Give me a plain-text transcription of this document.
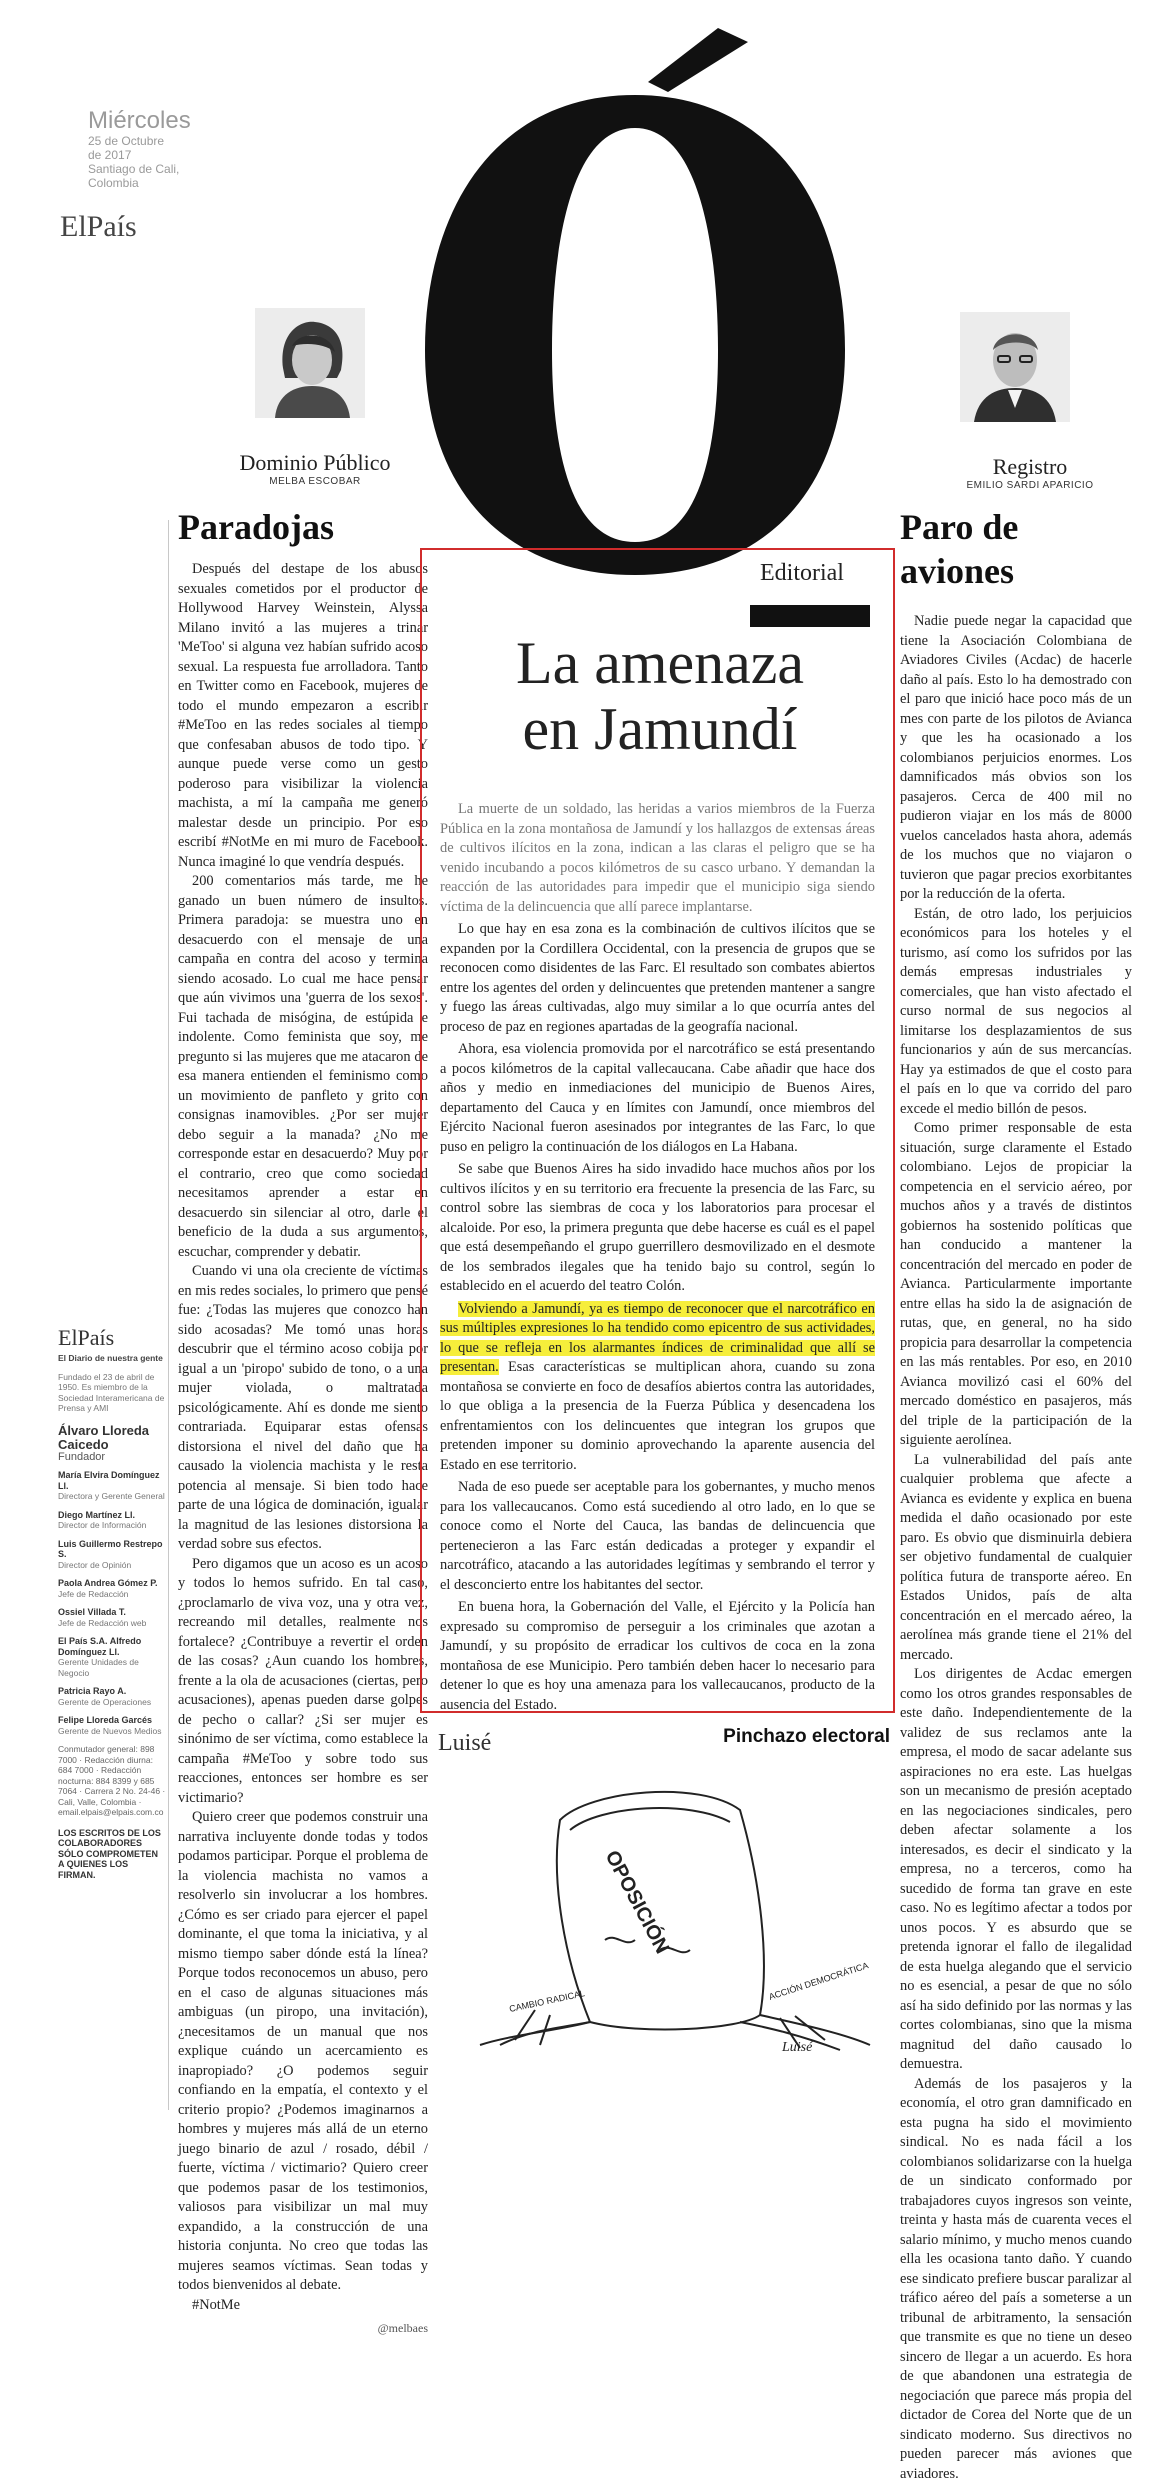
Miércoles
25 de Octubre
de 2017
Santiago de Cali,
Colombia
ElPaís
Dominio Público
MELBA ESCOBAR
Registro
EMILIO SARDI APARICIO
Paradojas

Después del destape de los abusos sexuales cometidos por el productor de Hollywood Harvey Weinstein, Alyssa Milano invitó a las mujeres a trinar 'MeToo' si alguna vez habían sufrido acoso sexual. La respuesta fue arrolladora. Tanto en Twitter como en Facebook, mujeres de todo el mundo empezaron a escribir #MeToo en las redes sociales al tiempo que confesaban abusos de todo tipo. Y aunque puede verse como un gesto poderoso para visibilizar la violencia machista, a mí la campaña me generó malestar desde un principio. Por eso escribí #NotMe en mi muro de Facebook. Nunca imaginé lo que vendría después.

200 comentarios más tarde, me he ganado un buen número de insultos. Primera paradoja: se muestra uno en desacuerdo con el mensaje de una campaña en contra del acoso y termina siendo acosado. Lo cual me hace pensar que aún vivimos una 'guerra de los sexos'. Fui tachada de misógina, de estúpida e indolente. Como feminista que soy, me pregunto si las mujeres que me atacaron de esa manera entienden el feminismo como un movimiento de panfleto y grito con consignas inamovibles. ¿Por ser mujer debo seguir a la manada? ¿No me corresponde estar en desacuerdo? Muy por el contrario, creo que como sociedad necesitamos aprender a estar en desacuerdo sin silenciar al otro, darle el beneficio de la duda a sus argumentos, escuchar, comprender y debatir.

Cuando vi una ola creciente de víctimas en mis redes sociales, lo primero que pensé fue: ¿Todas las mujeres que conozco han sido acosadas? Me tomó unas horas descubrir que el término acoso cobija por igual a un 'piropo' subido de tono, o a una mujer violada, o maltratada psicológicamente. Ahí es donde me siento contrariada. Equiparar estas ofensas distorsiona el nivel del daño que ha causado la violencia machista y le resta potencia al mensaje. Si bien todo hace parte de una lógica de dominación, igualar la magnitud de las lesiones distorsiona la verdad sobre sus efectos.

Pero digamos que un acoso es un acoso y todos lo hemos sufrido. En tal caso, ¿proclamarlo de viva voz, una y otra vez, recreando mil detalles, realmente nos fortalece? ¿Contribuye a revertir el orden de las cosas? ¿Aun cuando los hombres, frente a la ola de acusaciones (ciertas, pero acusaciones), apenas pueden darse golpes de pecho o callar? ¿Si ser mujer es sinónimo de ser víctima, como establece la campaña #MeToo y sobre todo sus reacciones, entonces ser hombre es ser victimario?

Quiero creer que podemos construir una narrativa incluyente donde todas y todos podamos participar. Porque el problema de la violencia machista no vamos a resolverlo sin involucrar a los hombres. ¿Cómo es ser criado para ejercer el papel dominante, el que toma la iniciativa, y al mismo tiempo saber dónde está la línea? Porque todos reconocemos un abuso, pero en el caso de algunas situaciones más ambiguas (un piropo, una invitación), ¿necesitamos de un manual que nos explique cuándo un acercamiento es inapropiado? ¿O podemos seguir confiando en la empatía, el contexto y el criterio propio? ¿Podemos imaginarnos a hombres y mujeres más allá de un eterno juego binario de azul / rosado, débil / fuerte, víctima / victimario? Quiero creer que podemos pasar de los testimonios, valiosos para visibilizar un mal muy expandido, a la construcción de una historia conjunta. No creo que todas las mujeres seamos víctimas. Sean todas y todos bienvenidos al debate.

#NotMe

@melbaes

ElPaís
El Diario de nuestra gente
Fundado el 23 de abril de 1950. Es miembro de la Sociedad Interamericana de Prensa y AMI
Álvaro Lloreda Caicedo
Fundador
María Elvira Domínguez Ll.
Directora y Gerente General
Diego Martínez Ll.
Director de Información
Luis Guillermo Restrepo S.
Director de Opinión
Paola Andrea Gómez P.
Jefe de Redacción
Ossiel Villada T.
Jefe de Redacción web
El País S.A. Alfredo Domínguez Ll.
Gerente Unidades de Negocio
Patricia Rayo A.
Gerente de Operaciones
Felipe Lloreda Garcés
Gerente de Nuevos Medios
Conmutador general: 898 7000 · Redacción diurna: 684 7000 · Redacción nocturna: 884 8399 y 685 7064 · Carrera 2 No. 24-46 · Cali, Valle, Colombia · email.elpais@elpais.com.co
LOS ESCRITOS DE LOS COLABORADORES SÓLO COMPROMETEN A QUIENES LOS FIRMAN.
Editorial
La amenaza
en Jamundí

La muerte de un soldado, las heridas a varios miembros de la Fuerza Pública en la zona montañosa de Jamundí y los hallazgos de extensas áreas de cultivos ilícitos en la zona, indican a las claras el peligro que se ha venido incubando a pocos kilómetros de su casco urbano. Y demandan la reacción de las autoridades para impedir que el municipio siga siendo víctima de la delincuencia que allí parece implantarse.

Lo que hay en esa zona es la combinación de cultivos ilícitos que se expanden por la Cordillera Occidental, con la presencia de grupos que se reconocen como disidentes de las Farc. El resultado son combates abiertos entre los agentes del orden y delincuentes que pretenden mantener a sangre y fuego las áreas cultivadas, algo muy similar a lo que ocurría antes del proceso de paz en regiones apartadas de la geografía nacional.

Ahora, esa violencia promovida por el narcotráfico se está presentando a pocos kilómetros de la capital vallecaucana. Cabe añadir que hace dos años y medio en inmediaciones del municipio de Buenos Aires, departamento del Cauca y en límites con Jamundí, once miembros del Ejército Nacional fueron asesinados por integrantes de las Farc, lo que puso en peligro la continuación de los diálogos en La Habana.

Se sabe que Buenos Aires ha sido invadido hace muchos años por los cultivos ilícitos y en su territorio era frecuente la presencia de las Farc, su control sobre las siembras de coca y los laboratorios para procesar el alcaloide. Por eso, la primera pregunta que debe hacerse es cuál es el papel que está desempeñando el grupo guerrillero desmovilizado en el desmote de los sembrados ilegales que ha tenido bajo su control, según lo establecido en el acuerdo del teatro Colón.

Volviendo a Jamundí, ya es tiempo de reconocer que el narcotráfico en sus múltiples expresiones lo ha tendido como epicentro de sus actividades, lo que se refleja en los alarmantes índices de criminalidad que allí se presentan. Esas características se multiplican ahora, cuando su zona montañosa se convierte en foco de desafíos abiertos contra las autoridades, lo que obliga a la presencia de la Fuerza Pública y desencadena los enfrentamientos con los delincuentes que integran los grupos que pretenden imponer su dominio aprovechando la aparente ausencia del Estado en ese territorio.

Nada de eso puede ser aceptable para los gobernantes, y mucho menos para los vallecaucanos. Como está sucediendo al otro lado, en lo que se conoce como el Norte del Cauca, las bandas de delincuencia que pertenecieron a las Farc están dedicadas a proteger y expandir el narcotráfico, atacando a las autoridades legítimas y sembrando el terror y el desconcierto entre los habitantes del sector.

En buena hora, la Gobernación del Valle, el Ejército y la Policía han expresado su compromiso de perseguir a los criminales que azotan a Jamundí, y su propósito de erradicar los cultivos de coca en la zona montañosa de ese Municipio. Pero también deben hacer lo necesario para detener lo que es hoy una amenaza para los vallecaucanos, producto de la ausencia del Estado.

Luisé	Pinchazo electoral
OPOSICIÓN
CAMBIO RADICAL	ACCIÓN DEMOCRÁTICA
Luisé
Paro de
aviones

Nadie puede negar la capacidad que tiene la Asociación Colombiana de Aviadores Civiles (Acdac) de hacerle daño al país. Esto lo ha demostrado con el paro que inició hace poco más de un mes con parte de los pilotos de Avianca y que les ha ocasionado a los colombianos perjuicios enormes. Los damnificados más obvios son los pasajeros. Cerca de 400 mil no pudieron viajar en los más de 8000 vuelos cancelados hasta ahora, además de los muchos que no viajaron o tuvieron que pagar precios exorbitantes por la reducción de la oferta.

Están, de otro lado, los perjuicios económicos para los hoteles y el turismo, así como los sufridos por las demás empresas industriales y comerciales, que han visto afectado el curso normal de sus negocios al limitarse los desplazamientos de sus funcionarios y aún de sus mercancías. Hay ya estimados de que el costo para el país en lo que va corrido del paro excede el medio billón de pesos.

Como primer responsable de esta situación, surge claramente el Estado colombiano. Lejos de propiciar la competencia en el servicio aéreo, por muchos años y a través de distintos gobiernos ha sostenido políticas que han conducido a mantener la concentración del mercado en poder de Avianca. Particularmente importante entre ellas ha sido la de asignación de rutas, que, en general, no ha sido propicia para desarrollar la competencia en las más rentables. Por eso, en 2010 Avianca movilizó casi el 60% del mercado doméstico en pasajeros, más del triple de la participación de la siguiente aerolínea.

La vulnerabilidad del país ante cualquier problema que afecte a Avianca es evidente y explica en buena medida el daño ocasionado por este paro. Es obvio que disminuirla debiera ser objetivo fundamental de cualquier política futura de transporte aéreo. En Estados Unidos, país de alta concentración en el mercado aéreo, la aerolínea más grande tiene el 21% del mercado.

Los dirigentes de Acdac emergen como los otros grandes responsables de este daño. Independientemente de la validez de sus reclamos ante la empresa, el modo de sacar adelante sus aspiraciones no era este. Las huelgas son un mecanismo de presión aceptado en las negociaciones sindicales, pero deben afectar solamente a los interesados, es decir el sindicato y la empresa, no a terceros, como ha sucedido de forma tan grave en este caso. No es legítimo afectar a todos por unos pocos. Y es absurdo que se pretenda ignorar el fallo de ilegalidad de esta huelga alegando que el servicio no es esencial, a pesar de que no sólo así ha sido definido por las normas y las cortes colombianas, sino que la misma magnitud del daño causado lo demuestra.

Además de los pasajeros y la economía, el otro gran damnificado en esta pugna ha sido el movimiento sindical. No es nada fácil a los colombianos solidarizarse con la huelga de un sindicato conformado por trabajadores cuyos ingresos son veinte, treinta y hasta más de cuarenta veces el salario mínimo, y mucho menos cuando ella les ocasiona tanto daño. Y cuando ese sindicato prefiere buscar paralizar al tráfico aéreo del país a someterse a un tribunal de arbitramento, la sensación que transmite es que no tiene un deseo sincero de llegar a un acuerdo. Es hora de que abandonen una estrategia de negociación que parece más propia del dictador de Corea del Norte que de un sindicato moderno. Sus directivos no pueden parecer más aviones que aviadores.
